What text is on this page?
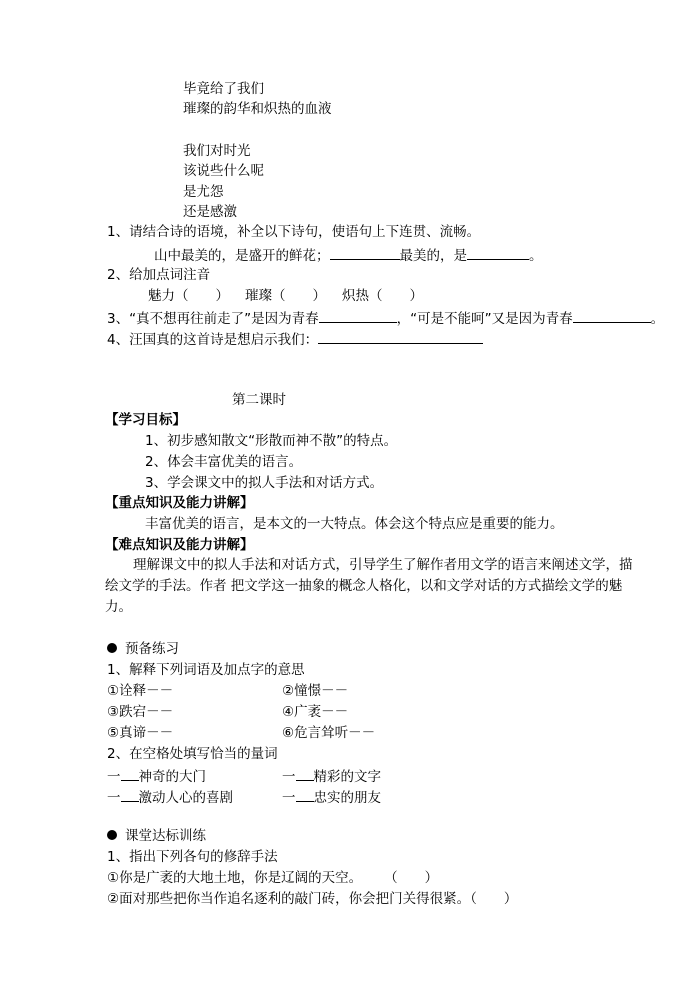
毕竟给了我们
璀璨的韵华和炽热的血液
我们对时光
该说些什么呢
是尤怨
还是感激
1、请结合诗的语境，补全以下诗句，使语句上下连贯、流畅。
山中最美的，是盛开的鲜花；	最美的，是	。
2、给加点词注音
魅力（　　） 璀璨（　　） 炽热（　　）
3、“真不想再往前走了”是因为青春	，“可是不能呵”又是因为青春	。
4、汪国真的这首诗是想启示我们：
第二课时
【学习目标】
1、初步感知散文“形散而神不散”的特点。
2、体会丰富优美的语言。
3、学会课文中的拟人手法和对话方式。
【重点知识及能力讲解】
丰富优美的语言，是本文的一大特点。体会这个特点应是重要的能力。
【难点知识及能力讲解】
理解课文中的拟人手法和对话方式，引导学生了解作者用文学的语言来阐述文学，描
绘文学的手法。作者 把文学这一抽象的概念人格化，以和文学对话的方式描绘文学的魅
力。
预备练习
1、解释下列词语及加点字的意思
①诠释－－	②憧憬－－
③跌宕－－	④广袤－－
⑤真谛－－	⑥危言耸听－－
2、在空格处填写恰当的量词
一 神奇的大门	一 精彩的文字
一 激动人心的喜剧	一 忠实的朋友
课堂达标训练
1、指出下列各句的修辞手法
①你是广袤的大地土地，你是辽阔的天空。 （　　）
②面对那些把你当作追名逐利的敲门砖，你会把门关得很紧。（　　）
